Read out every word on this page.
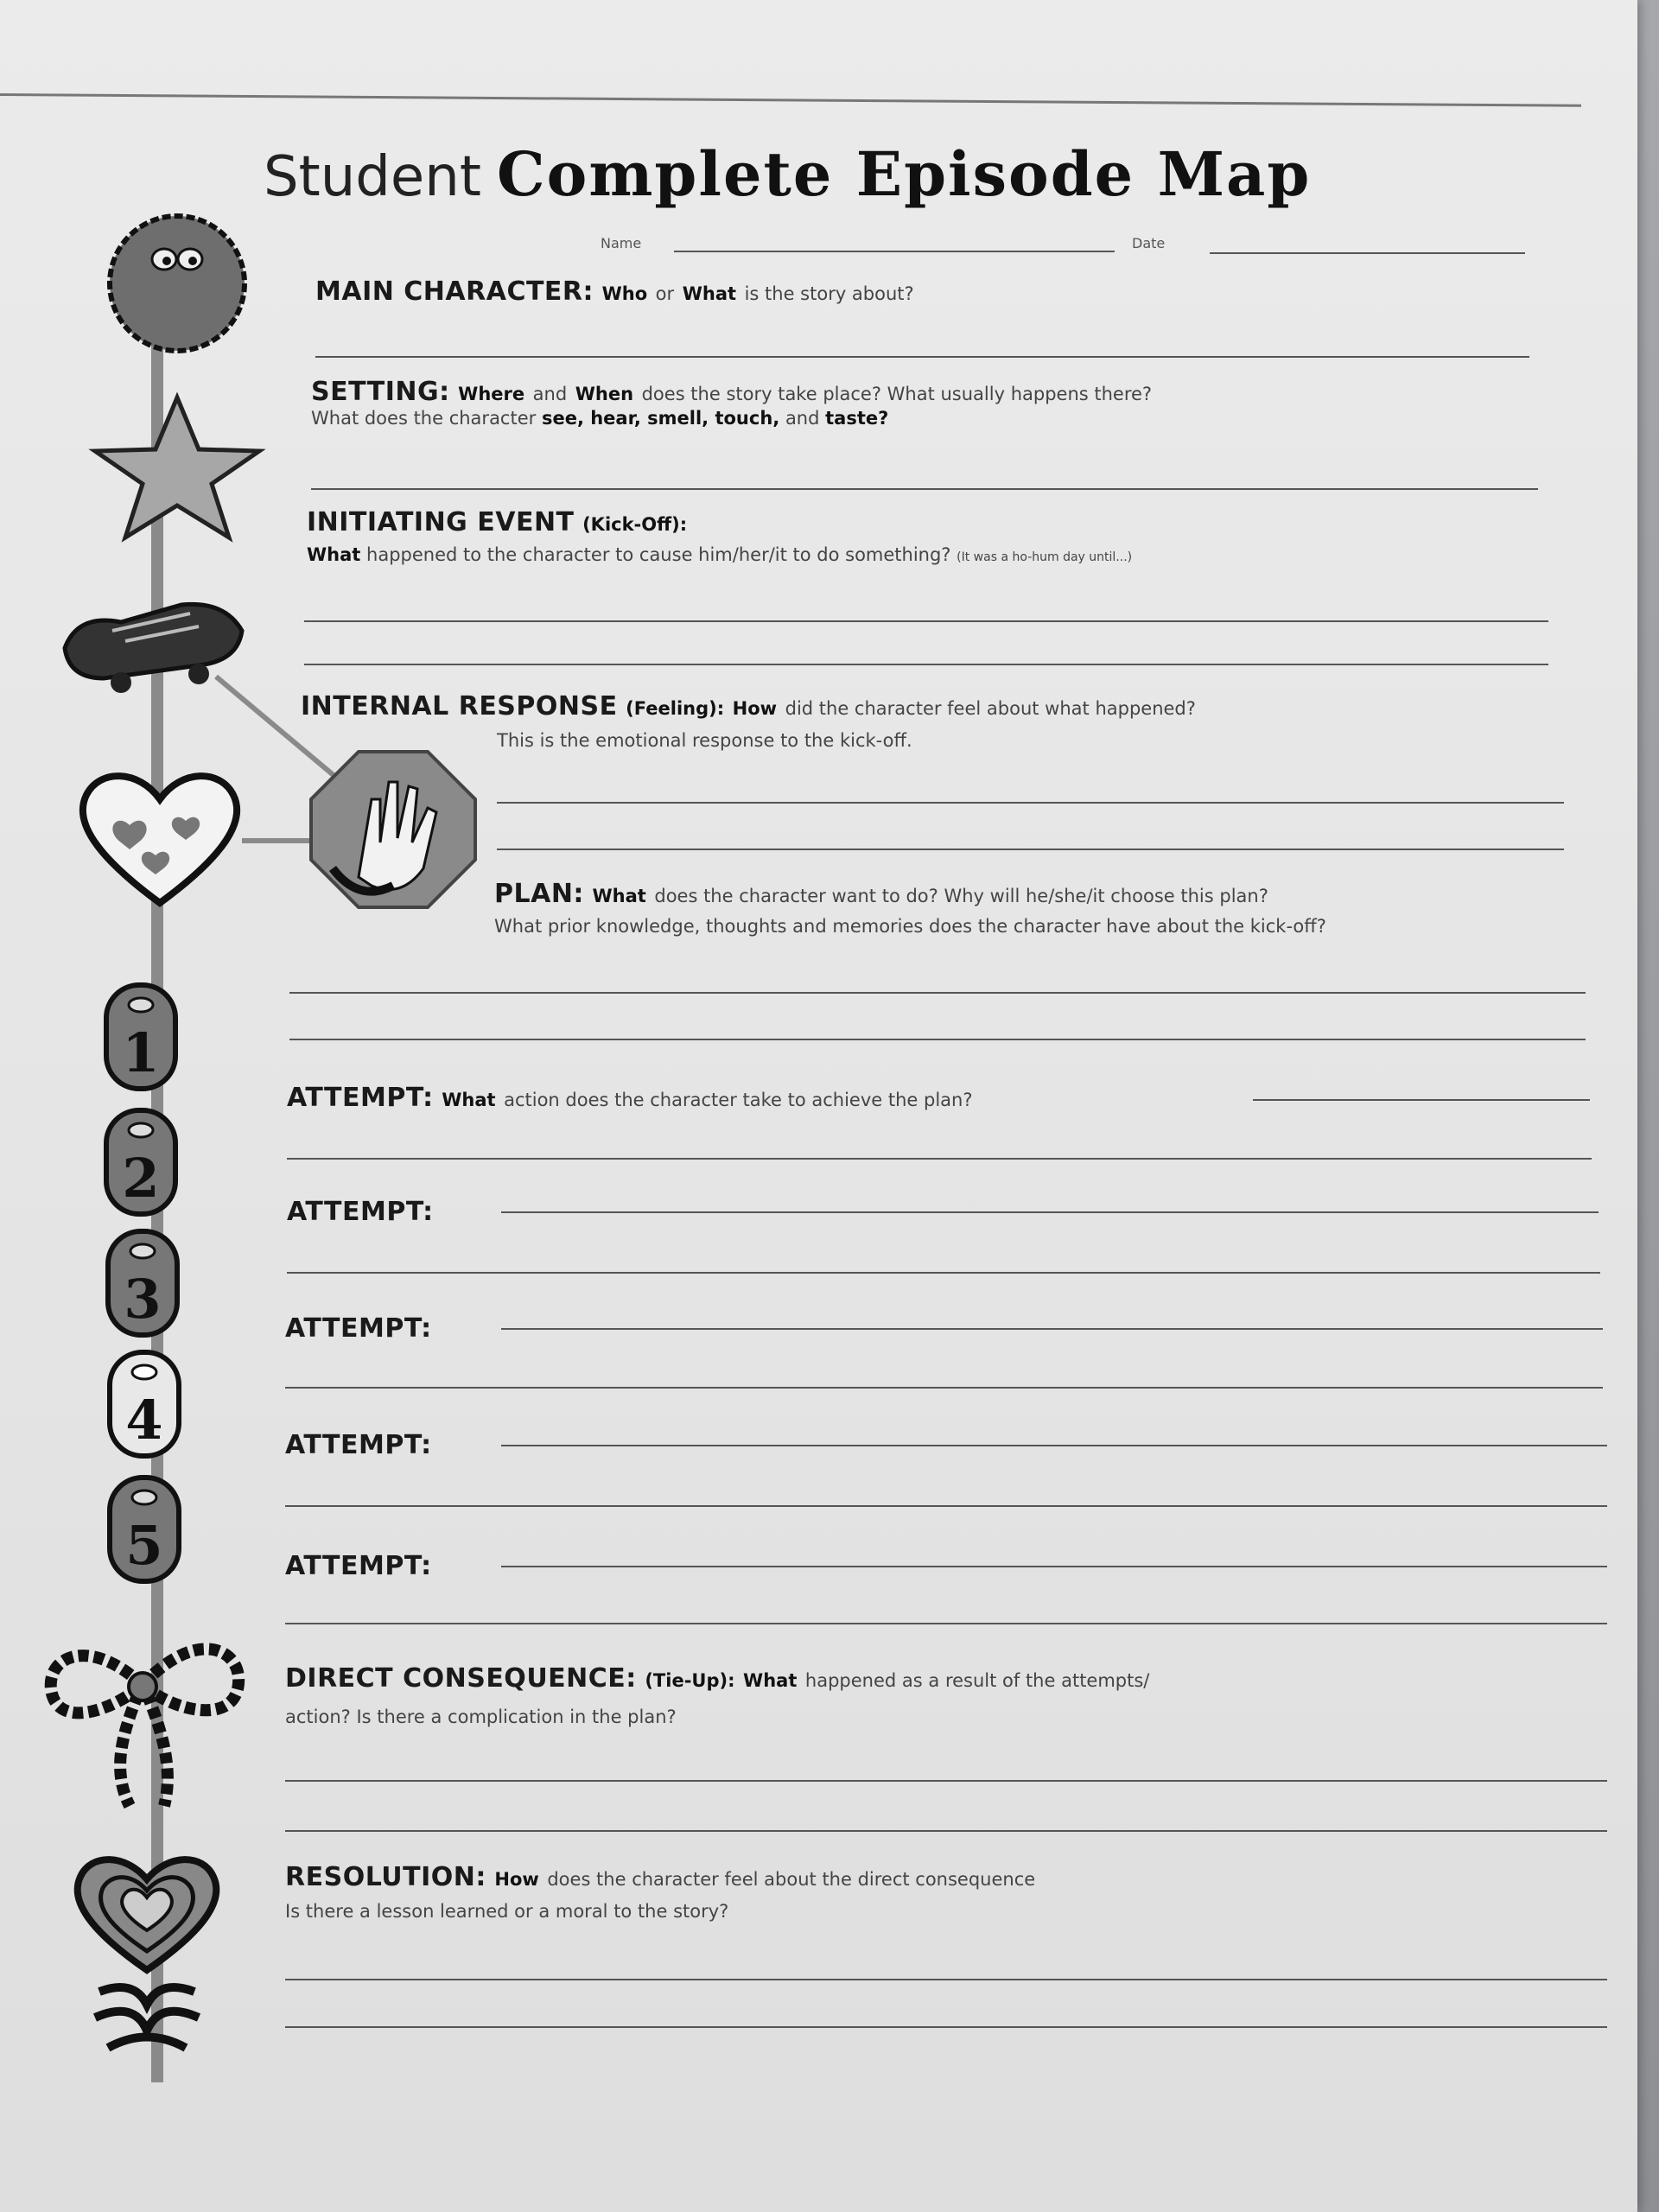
Student Complete Episode Map
Name	Date
MAIN CHARACTER: Who or What is the story about?
SETTING: Where and When does the story take place? What usually happens there?
What does the character see, hear, smell, touch, and taste?
INITIATING EVENT (Kick-Off):
What happened to the character to cause him/her/it to do something? (It was a ho-hum day until...)
INTERNAL RESPONSE (Feeling): How did the character feel about what happened?
This is the emotional response to the kick-off.
PLAN: What does the character want to do? Why will he/she/it choose this plan?
What prior knowledge, thoughts and memories does the character have about the kick-off?
ATTEMPT: What action does the character take to achieve the plan?
ATTEMPT:
ATTEMPT:
ATTEMPT:
ATTEMPT:
DIRECT CONSEQUENCE: (Tie-Up): What happened as a result of the attempts/
action? Is there a complication in the plan?
RESOLUTION: How does the character feel about the direct consequence
Is there a lesson learned or a moral to the story?
1
2
3
4
5
